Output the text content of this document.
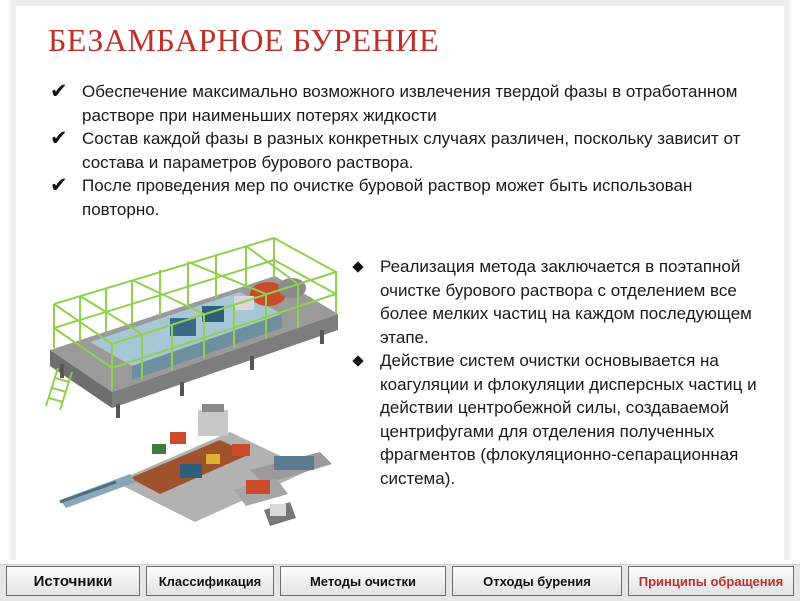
БЕЗАМБАРНОЕ БУРЕНИЕ
✔ Обеспечение максимально возможного извлечения твердой фазы в отработанном растворе при наименьших потерях жидкости
✔ Состав каждой фазы в разных конкретных случаях различен, поскольку зависит от состава и параметров бурового раствора.
✔ После проведения мер по очистке буровой раствор может быть использован повторно.
Реализация метода заключается в поэтапной очистке бурового раствора с отделением все более мелких частиц на каждом последующем этапе.
Действие систем очистки основывается на коагуляции и флокуляции дисперсных частиц и действии центробежной силы, создаваемой центрифугами для отделения полученных фрагментов (флокуляционно-сепарационная система).
Источники	Классификация	Методы очистки	Отходы бурения	Принципы обращения
